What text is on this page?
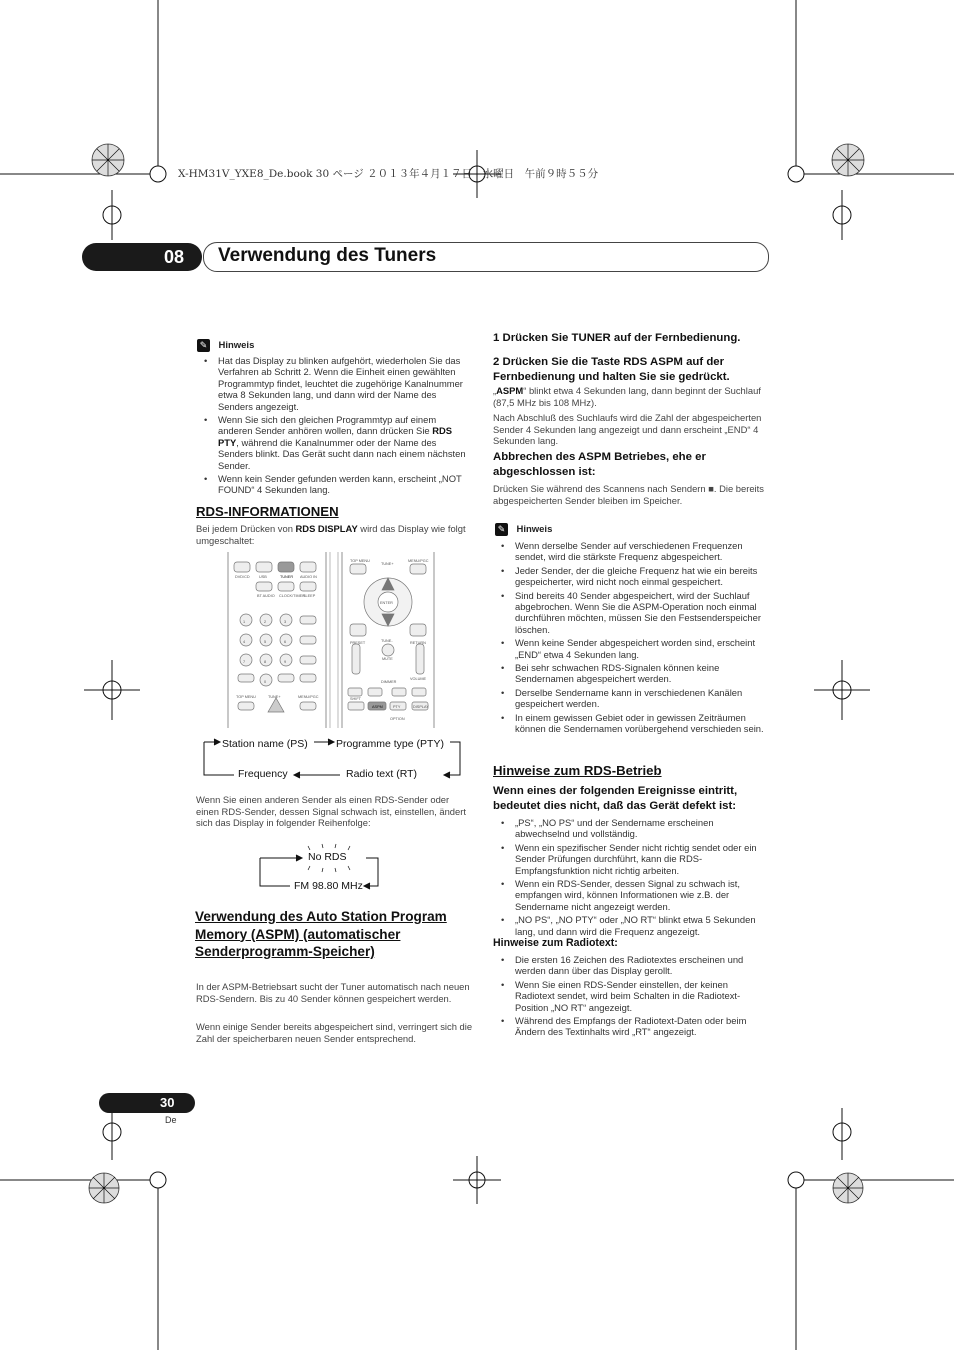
X-HM31V_YXE8_De.book 30 ページ ２０１３年４月１７日　水曜日　午前９時５５分
08	Verwendung des Tuners
✎ Hinweis
• Hat das Display zu blinken aufgehört, wiederholen Sie das Verfahren ab Schritt 2. Wenn die Einheit einen gewählten Programmtyp findet, leuchtet die zugehörige Kanalnummer etwa 8 Sekunden lang, und dann wird der Name des Senders angezeigt.
• Wenn Sie sich den gleichen Programmtyp auf einem anderen Sender anhören wollen, dann drücken Sie RDS PTY, während die Kanalnummer oder der Name des Senders blinkt. Das Gerät sucht dann nach einem nächsten Sender.
• Wenn kein Sender gefunden werden kann, erscheint „NOT FOUND“ 4 Sekunden lang.
RDS-INFORMATIONEN
Bei jedem Drücken von RDS DISPLAY wird das Display wie folgt umgeschaltet:
TOP MENU	MENU/PGC
ENTER
RETURN
PRESET
VOLUME
TUNE+
TUNE-
MUTE
DIMMER
SHIFT
ASPM	PTY	DISPLAY
OPTION
DVD/CD USB	TUNER AUDIO IN
BT AUDIO CLOCK/TIMER
SLEEP
1	2	3
4	5	6
7	8	9
0
TOP MENU	TUNE+	MENU/PGC
Station name (PS)	Programme type (PTY)
Frequency	Radio text (RT)
Wenn Sie einen anderen Sender als einen RDS-Sender oder einen RDS-Sender, dessen Signal schwach ist, einstellen, ändert sich das Display in folgender Reihenfolge:
No RDS
FM 98.80 MHz
Verwendung des Auto Station Program Memory (ASPM) (automatischer Senderprogramm-Speicher)
In der ASPM-Betriebsart sucht der Tuner automatisch nach neuen RDS-Sendern. Bis zu 40 Sender können gespeichert werden.
Wenn einige Sender bereits abgespeichert sind, verringert sich die Zahl der speicherbaren neuen Sender entsprechend.
1 Drücken Sie TUNER auf der Fernbedienung.
2 Drücken Sie die Taste RDS ASPM auf der Fernbedienung und halten Sie sie gedrückt.
„ASPM“ blinkt etwa 4 Sekunden lang, dann beginnt der Suchlauf (87,5 MHz bis 108 MHz).
Nach Abschluß des Suchlaufs wird die Zahl der abgespeicherten Sender 4 Sekunden lang angezeigt und dann erscheint „END“ 4 Sekunden lang.
Abbrechen des ASPM Betriebes, ehe er abgeschlossen ist:
Drücken Sie während des Scannens nach Sendern ■. Die bereits abgespeicherten Sender bleiben im Speicher.
✎ Hinweis
• Wenn derselbe Sender auf verschiedenen Frequenzen sendet, wird die stärkste Frequenz abgespeichert.
• Jeder Sender, der die gleiche Frequenz hat wie ein bereits gespeicherter, wird nicht noch einmal gespeichert.
• Sind bereits 40 Sender abgespeichert, wird der Suchlauf abgebrochen. Wenn Sie die ASPM-Operation noch einmal durchführen möchten, müssen Sie den Festsenderspeicher löschen.
• Wenn keine Sender abgespeichert worden sind, erscheint „END“ etwa 4 Sekunden lang.
• Bei sehr schwachen RDS-Signalen können keine Sendernamen abgespeichert werden.
• Derselbe Sendername kann in verschiedenen Kanälen gespeichert werden.
• In einem gewissen Gebiet oder in gewissen Zeiträumen können die Sendernamen vorübergehend verschieden sein.
Hinweise zum RDS-Betrieb
Wenn eines der folgenden Ereignisse eintritt, bedeutet dies nicht, daß das Gerät defekt ist:
• „PS“, „NO PS“ und der Sendername erscheinen abwechselnd und vollständig.
• Wenn ein spezifischer Sender nicht richtig sendet oder ein Sender Prüfungen durchführt, kann die RDS-Empfangsfunktion nicht richtig arbeiten.
• Wenn ein RDS-Sender, dessen Signal zu schwach ist, empfangen wird, können Informationen wie z.B. der Sendername nicht angezeigt werden.
• „NO PS“, „NO PTY“ oder „NO RT“ blinkt etwa 5 Sekunden lang, und dann wird die Frequenz angezeigt.
Hinweise zum Radiotext:
• Die ersten 16 Zeichen des Radiotextes erscheinen und werden dann über das Display gerollt.
• Wenn Sie einen RDS-Sender einstellen, der keinen Radiotext sendet, wird beim Schalten in die Radiotext-Position „NO RT“ angezeigt.
• Während des Empfangs der Radiotext-Daten oder beim Ändern des Textinhalts wird „RT“ angezeigt.
30
De
